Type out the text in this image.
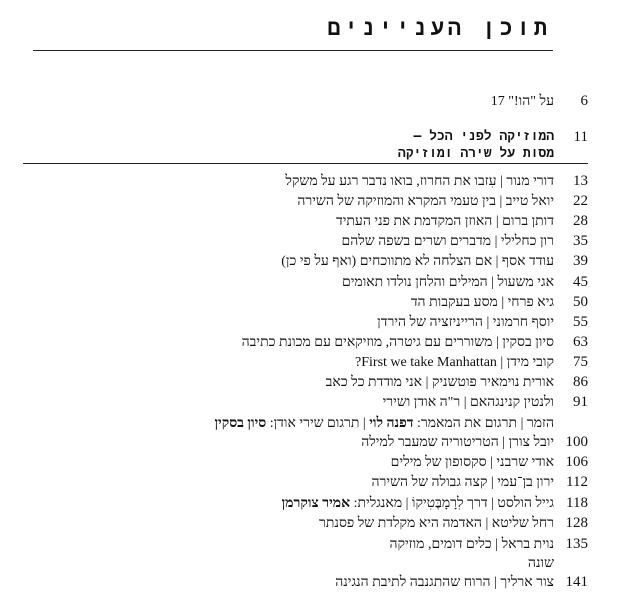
תוכן העניינים
6
על "הו!" 17
11
המוזיקה לפני הכל –
מסות על שירה ומוזיקה
13
דורי מנור | עִזבו את החרוז, בואו נדבר רגע על משקל
22
יואל טייב | בין טעמי המקרא והמוזיקה של השירה
28
דותן ברום | האוזן המקדמת את פני העתיד
35
רון כחלילי | מדברים ושרים בשפה שלהם
39
עודד אסף | אם הצלחה לא מתווכחים (ואף על פי כן)
45
אגי משעול | המילים והלחן נולדו תאומים
50
גיא פרחי | מסע בעקבות הד
55
יוסף חרמוני | הרייניזציה של הירדן
63
סיון בסקין | משוררים עם גיטרה, מוזיקאים עם מכונת כתיבה
75
קובי מידן | First we take Manhattan?
86
אורית נוימאיר פוטשניק | אני מודדת כל כאב
91
ולנטין קנינגהאם | ר"ה אודן ושירי
הזמר | תרגום את המאמר: דפנה לוי | תרגום שירי אודן: סיון בסקין
100
יובל צורן | הטריטוריה שמעבר למילה
106
אודי שרבני | סקסופון של מילים
112
ירון בן־עמי | קצה גבולה של השירה
118
גייל הולסט | דרך לִרָמָבֶּטִיקוֹ | מאנגלית: אמיר צוקרמן
128
רחל שליטא | האדמה היא מקלדת של פסנתר
135
נוית בראל | כלים דומים, מוזיקה
שונה
141
צור ארליך | הרוח שהתגנבה לתיבת הנגינה
